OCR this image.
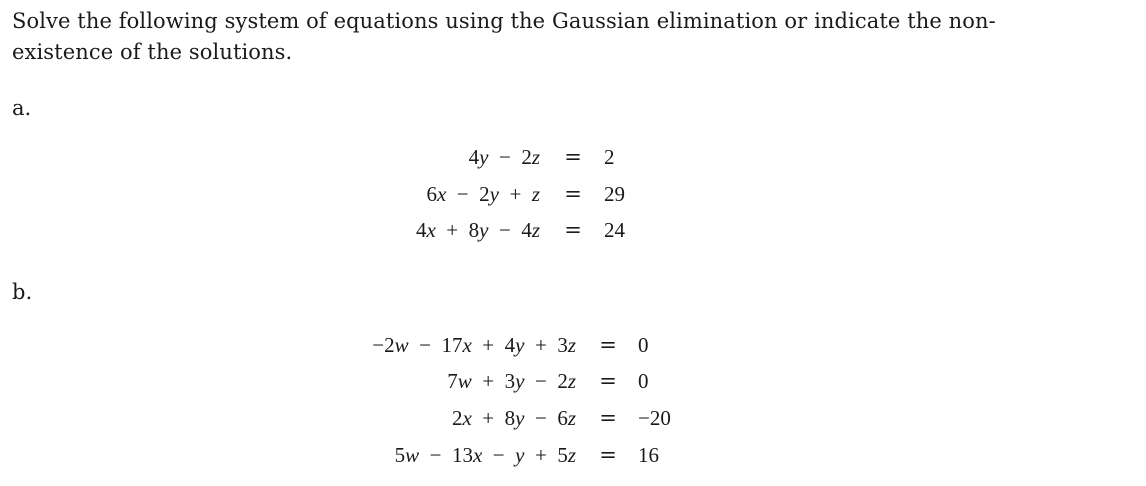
Solve the following system of equations using the Gaussian elimination or indicate the non-
existence of the solutions.
a.
4y  −  2z = 2
6x  −  2y  +  z = 29
4x  +  8y  −  4z = 24
b.
−2w  −  17x  +  4y  +  3z = 0
7w  +  3y  −  2z = 0
2x  +  8y  −  6z = −20
5w  −  13x  −  y  +  5z = 16
